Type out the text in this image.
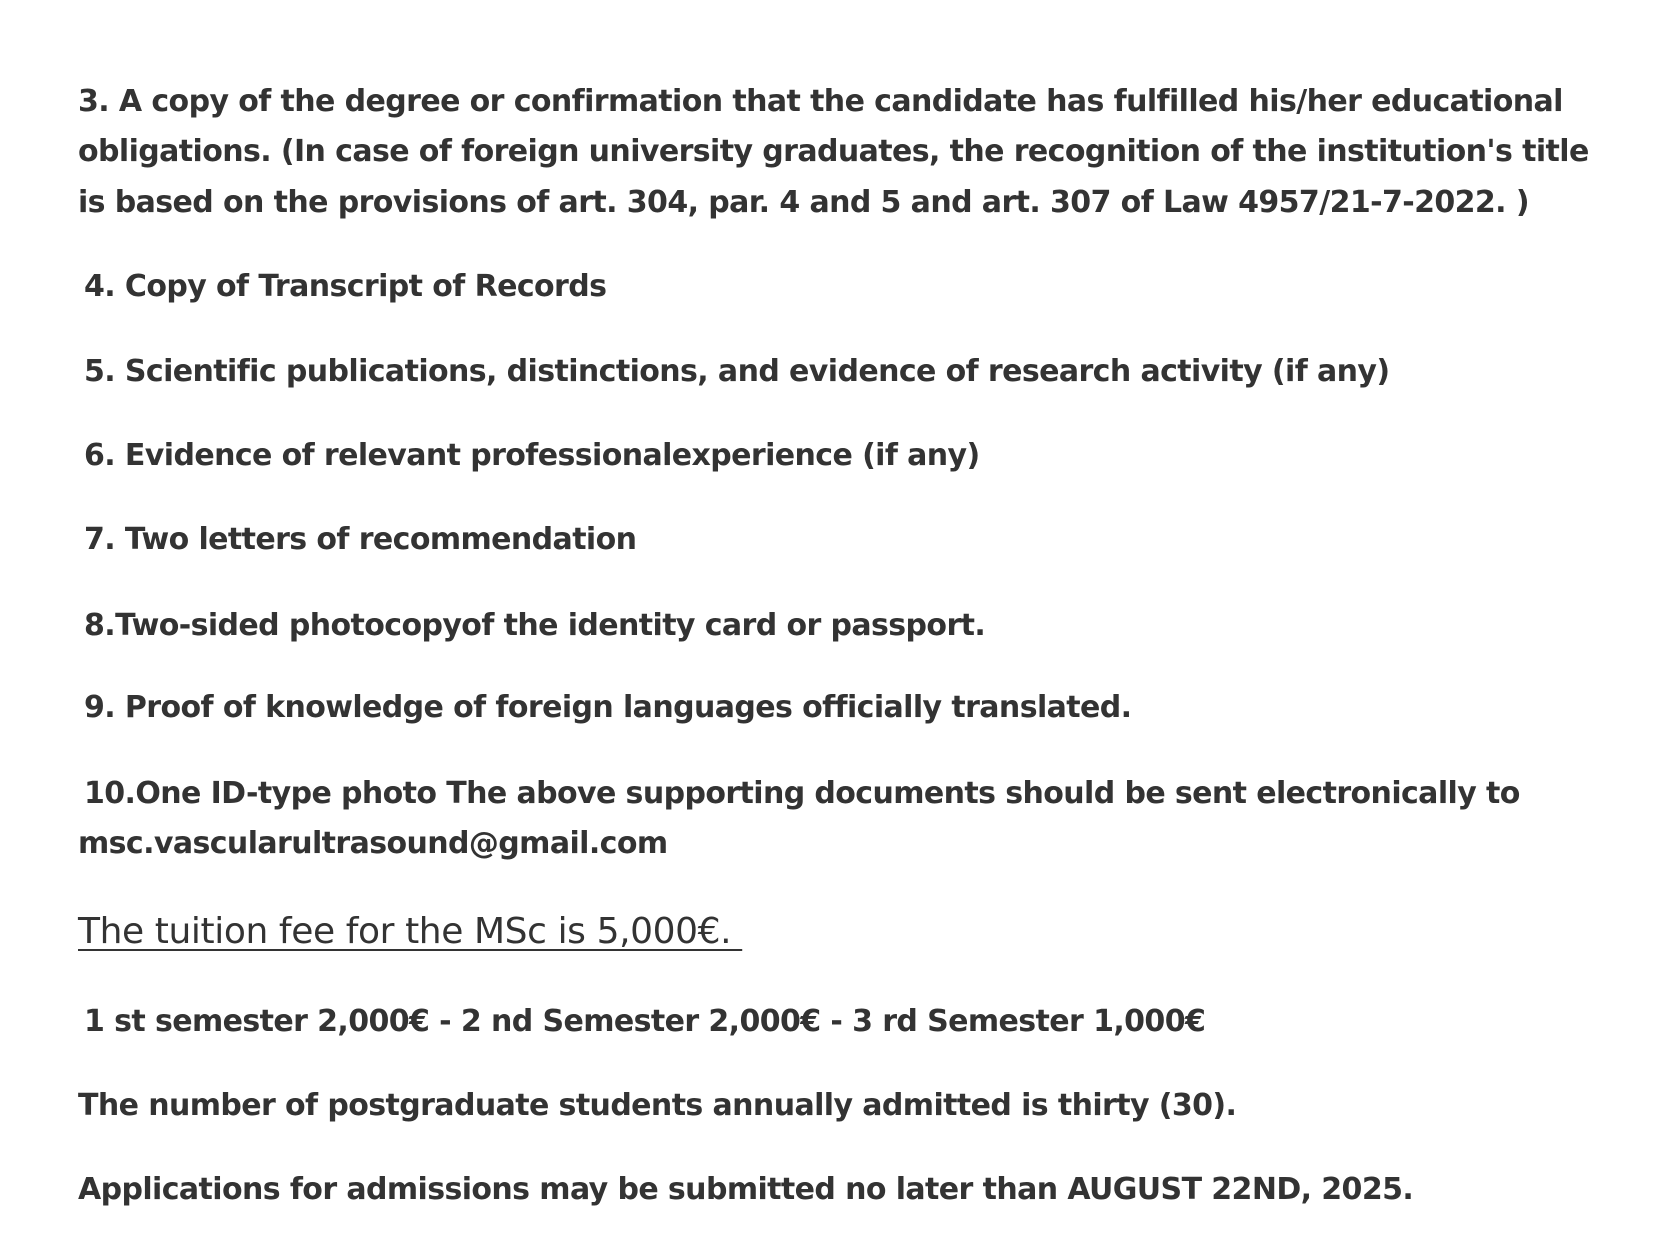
3. A copy of the degree or confirmation that the candidate has fulfilled his/her educational

obligations. (In case of foreign university graduates, the recognition of the institution's title

is based on the provisions of art. 304, par. 4 and 5 and art. 307 of Law 4957/21-7-2022. )

4. Copy of Transcript of Records

5. Scientific publications, distinctions, and evidence of research activity (if any)

6. Evidence of relevant professionalexperience (if any)

7. Two letters of recommendation

8.Two-sided photocopyof the identity card or passport.

9. Proof of knowledge of foreign languages officially translated.

10.One ID-type photo The above supporting documents should be sent electronically to

msc.vascularultrasound@gmail.com

The tuition fee for the MSc is 5,000€.

1 st semester 2,000€ - 2 nd Semester 2,000€ - 3 rd Semester 1,000€

The number of postgraduate students annually admitted is thirty (30).

Applications for admissions may be submitted no later than AUGUST 22ND, 2025.
